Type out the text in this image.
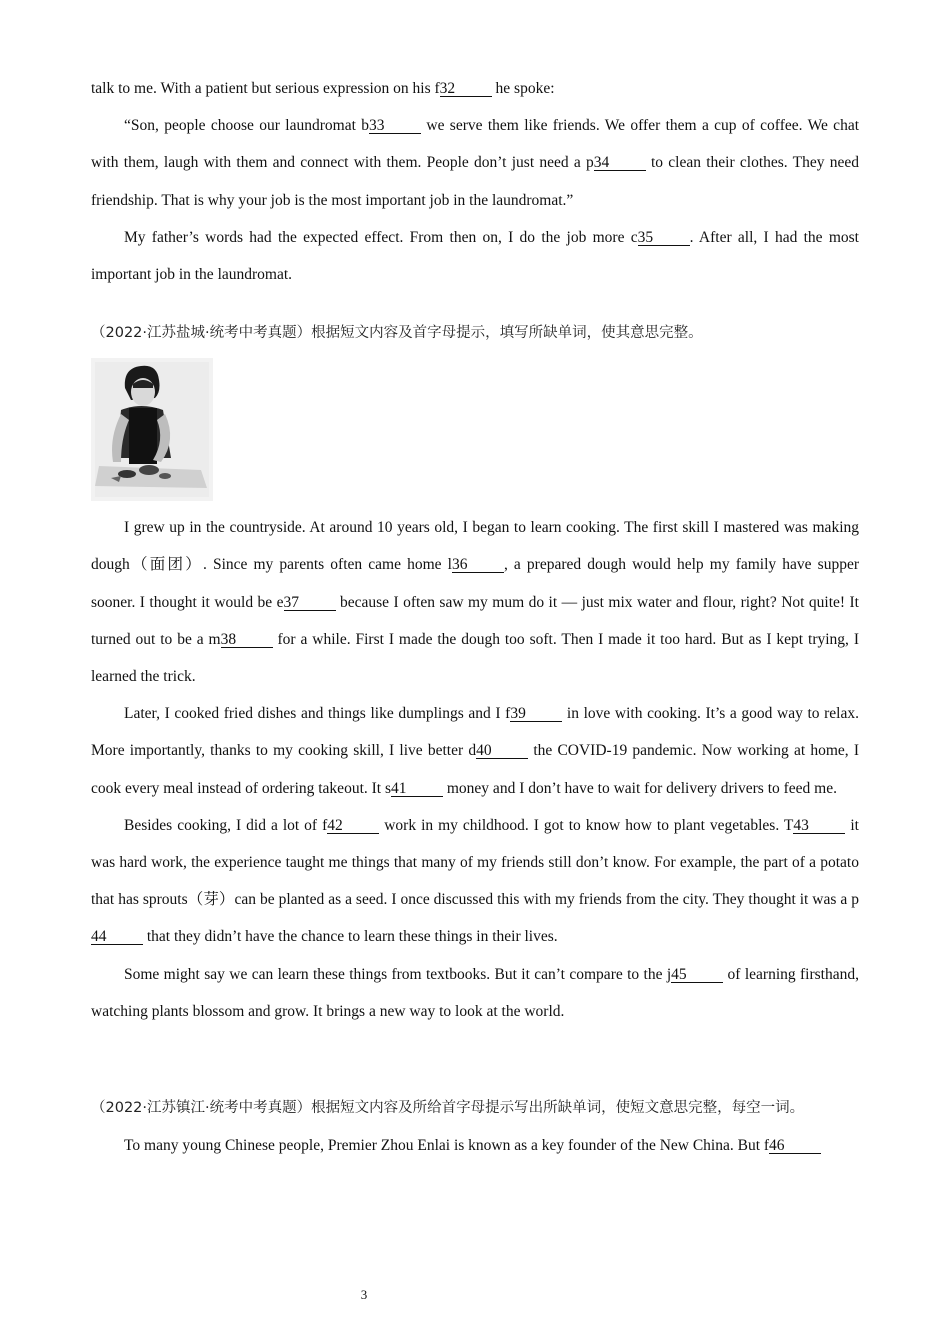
talk to me. With a patient but serious expression on his f32 he spoke:

“Son, people choose our laundromat b33 we serve them like friends. We offer them a cup of coffee. We chat with them, laugh with them and connect with them. People don’t just need a p34 to clean their clothes. They need friendship. That is why your job is the most important job in the laundromat.”

My father’s words had the expected effect. From then on, I do the job more c35 . After all, I had the most important job in the laundromat.

（2022·江苏盐城·统考中考真题）根据短文内容及首字母提示，填写所缺单词，使其意思完整。

I grew up in the countryside. At around 10 years old, I began to learn cooking. The first skill I mastered was making dough（面团）. Since my parents often came home l36 , a prepared dough would help my family have supper sooner. I thought it would be e37 because I often saw my mum do it — just mix water and flour, right? Not quite! It turned out to be a m38 for a while. First I made the dough too soft. Then I made it too hard. But as I kept trying, I learned the trick.

Later, I cooked fried dishes and things like dumplings and I f39 in love with cooking. It’s a good way to relax. More importantly, thanks to my cooking skill, I live better d40 the COVID-19 pandemic. Now working at home, I cook every meal instead of ordering takeout. It s41 money and I don’t have to wait for delivery drivers to feed me.

Besides cooking, I did a lot of f42 work in my childhood. I got to know how to plant vegetables. T43 it was hard work, the experience taught me things that many of my friends still don’t know. For example, the part of a potato that has sprouts（芽）can be planted as a seed. I once discussed this with my friends from the city. They thought it was a p44 that they didn’t have the chance to learn these things in their lives.

Some might say we can learn these things from textbooks. But it can’t compare to the j45 of learning firsthand, watching plants blossom and grow. It brings a new way to look at the world.

（2022·江苏镇江·统考中考真题）根据短文内容及所给首字母提示写出所缺单词，使短文意思完整，每空一词。

To many young Chinese people, Premier Zhou Enlai is known as a key founder of the New China. But f46

3
